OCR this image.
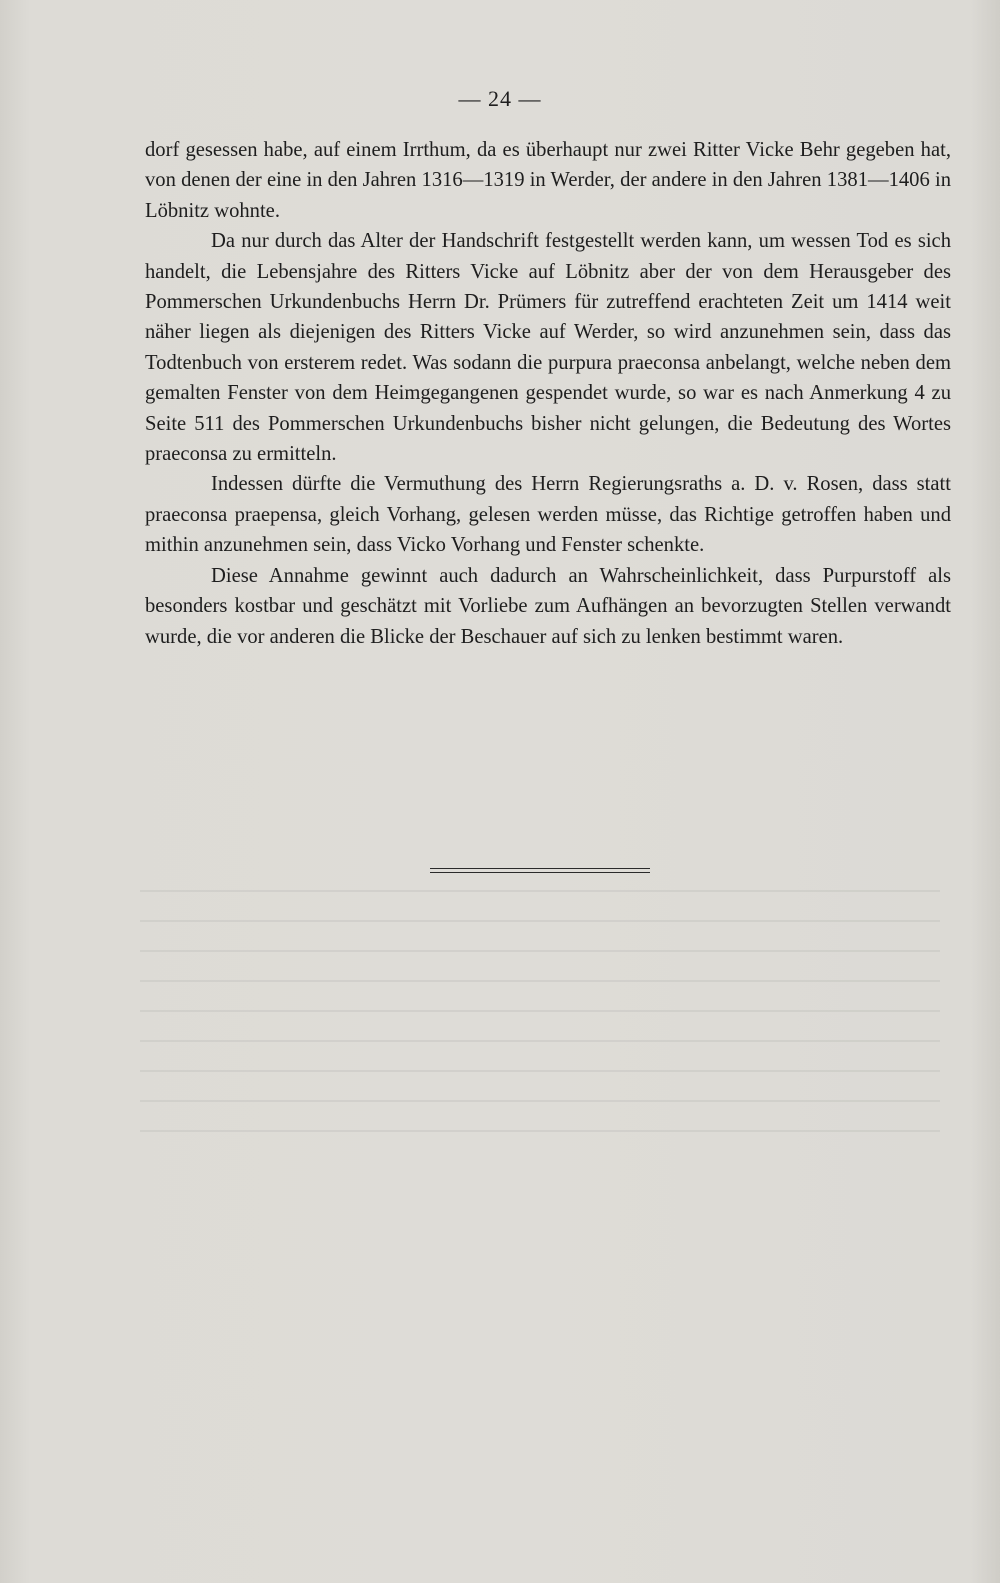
— 24 —

dorf gesessen habe, auf einem Irrthum, da es überhaupt nur zwei Ritter Vicke Behr gegeben hat, von denen der eine in den Jahren 1316—1319 in Werder, der andere in den Jahren 1381—1406 in Löbnitz wohnte.

Da nur durch das Alter der Handschrift festgestellt werden kann, um wessen Tod es sich handelt, die Lebensjahre des Ritters Vicke auf Löbnitz aber der von dem Herausgeber des Pommerschen Urkundenbuchs Herrn Dr. Prümers für zutreffend erachteten Zeit um 1414 weit näher liegen als diejenigen des Ritters Vicke auf Werder, so wird anzunehmen sein, dass das Todtenbuch von ersterem redet. Was sodann die purpura praeconsa anbelangt, welche neben dem gemalten Fenster von dem Heimgegangenen gespendet wurde, so war es nach Anmerkung 4 zu Seite 511 des Pommerschen Urkundenbuchs bisher nicht gelungen, die Bedeutung des Wortes praeconsa zu ermitteln.

Indessen dürfte die Vermuthung des Herrn Regierungsraths a. D. v. Rosen, dass statt praeconsa praepensa, gleich Vorhang, gelesen werden müsse, das Richtige getroffen haben und mithin anzunehmen sein, dass Vicko Vorhang und Fenster schenkte.

Diese Annahme gewinnt auch dadurch an Wahrscheinlichkeit, dass Purpurstoff als besonders kostbar und geschätzt mit Vorliebe zum Aufhängen an bevorzugten Stellen verwandt wurde, die vor anderen die Blicke der Beschauer auf sich zu lenken bestimmt waren.
